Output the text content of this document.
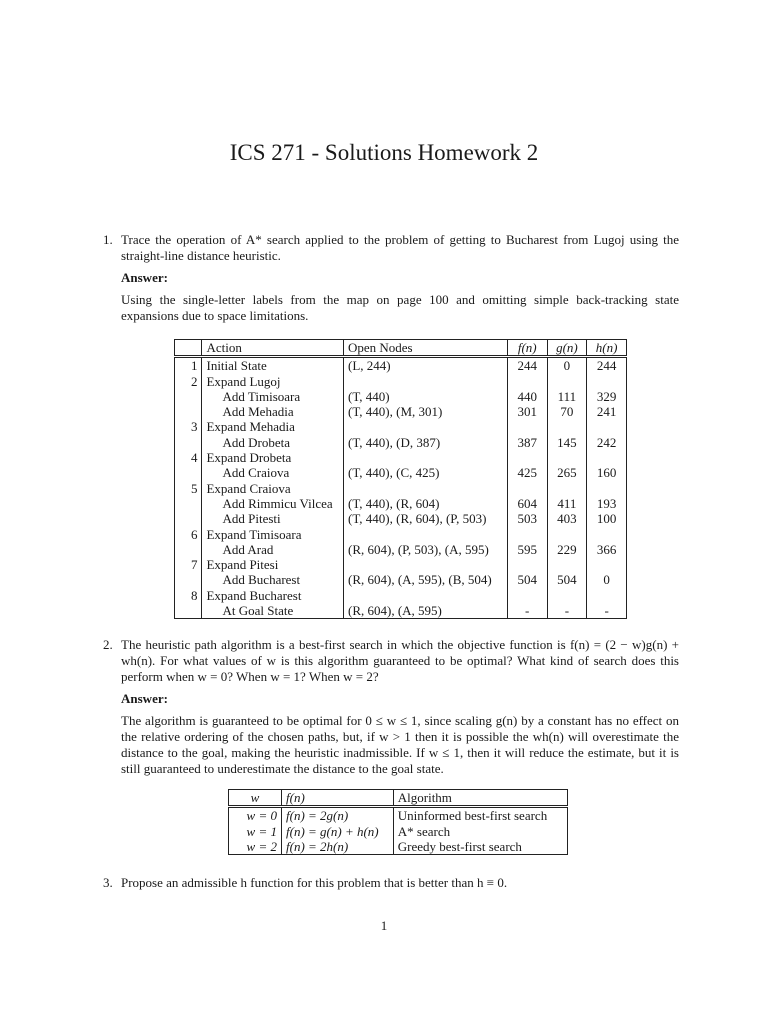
ICS 271 - Solutions Homework 2
1. Trace the operation of A* search applied to the problem of getting to Bucharest from Lugoj using the straight-line distance heuristic.
Answer:
Using the single-letter labels from the map on page 100 and omitting simple back-tracking state expansions due to space limitations.
	Action	Open Nodes	f(n)	g(n)	h(n)
1	Initial State	(L, 244)	244	0	244
2	Expand Lugoj				
	Add Timisoara	(T, 440)	440	111	329
	Add Mehadia	(T, 440), (M, 301)	301	70	241
3	Expand Mehadia				
	Add Drobeta	(T, 440), (D, 387)	387	145	242
4	Expand Drobeta				
	Add Craiova	(T, 440), (C, 425)	425	265	160
5	Expand Craiova				
	Add Rimmicu Vilcea	(T, 440), (R, 604)	604	411	193
	Add Pitesti	(T, 440), (R, 604), (P, 503)	503	403	100
6	Expand Timisoara				
	Add Arad	(R, 604), (P, 503), (A, 595)	595	229	366
7	Expand Pitesi				
	Add Bucharest	(R, 604), (A, 595), (B, 504)	504	504	0
8	Expand Bucharest				
	At Goal State	(R, 604), (A, 595)	-	-	-
2. The heuristic path algorithm is a best-first search in which the objective function is f(n) = (2 − w)g(n) + wh(n). For what values of w is this algorithm guaranteed to be optimal? What kind of search does this perform when w = 0? When w = 1? When w = 2?
Answer:
The algorithm is guaranteed to be optimal for 0 ≤ w ≤ 1, since scaling g(n) by a constant has no effect on the relative ordering of the chosen paths, but, if w > 1 then it is possible the wh(n) will overestimate the distance to the goal, making the heuristic inadmissible. If w ≤ 1, then it will reduce the estimate, but it is still guaranteed to underestimate the distance to the goal state.
w	f(n)	Algorithm
w = 0	f(n) = 2g(n)	Uninformed best-first search
w = 1	f(n) = g(n) + h(n)	A* search
w = 2	f(n) = 2h(n)	Greedy best-first search
3. Propose an admissible h function for this problem that is better than h ≡ 0.
1
